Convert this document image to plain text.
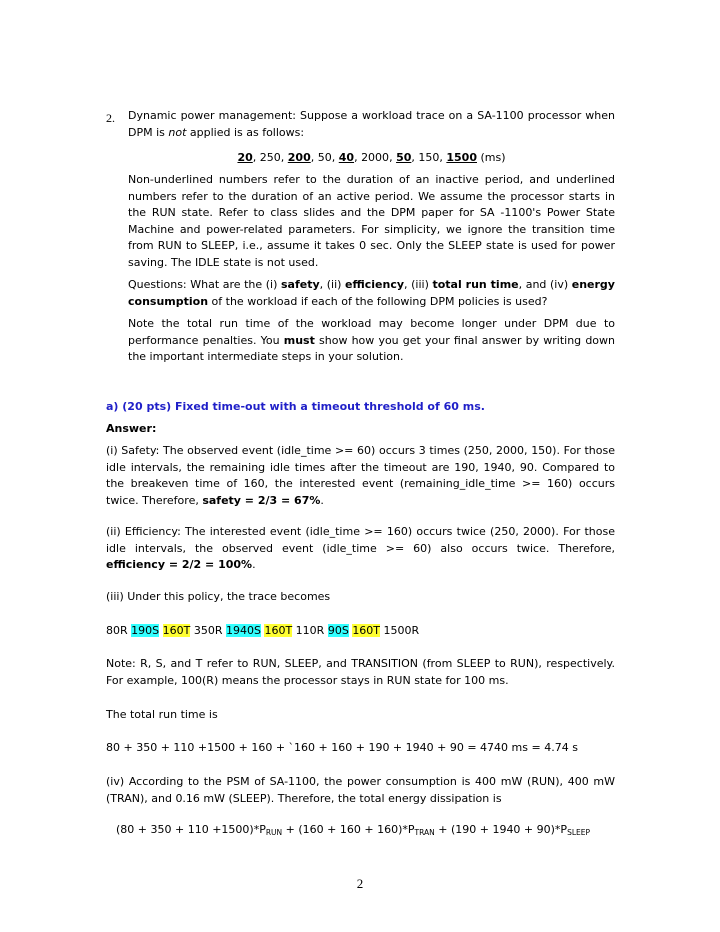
2. Dynamic power management: Suppose a workload trace on a SA-1100 processor when DPM is not applied is as follows:

20, 250, 200, 50, 40, 2000, 50, 150, 1500 (ms)

Non-underlined numbers refer to the duration of an inactive period, and underlined numbers refer to the duration of an active period. We assume the processor starts in the RUN state. Refer to class slides and the DPM paper for SA -1100's Power State Machine and power-related parameters. For simplicity, we ignore the transition time from RUN to SLEEP, i.e., assume it takes 0 sec. Only the SLEEP state is used for power saving. The IDLE state is not used.

Questions: What are the (i) safety, (ii) efficiency, (iii) total run time, and (iv) energy consumption of the workload if each of the following DPM policies is used?

Note the total run time of the workload may become longer under DPM due to performance penalties. You must show how you get your final answer by writing down the important intermediate steps in your solution.

a) (20 pts) Fixed time-out with a timeout threshold of 60 ms.
Answer:

(i) Safety: The observed event (idle_time >= 60) occurs 3 times (250, 2000, 150). For those idle intervals, the remaining idle times after the timeout are 190, 1940, 90. Compared to the breakeven time of 160, the interested event (remaining_idle_time >= 160) occurs twice. Therefore, safety = 2/3 = 67%.

(ii) Efficiency: The interested event (idle_time >= 160) occurs twice (250, 2000). For those idle intervals, the observed event (idle_time >= 60) also occurs twice. Therefore, efficiency = 2/2 = 100%.

(iii) Under this policy, the trace becomes
80R 190S 160T 350R 1940S 160T 110R 90S 160T 1500R

Note: R, S, and T refer to RUN, SLEEP, and TRANSITION (from SLEEP to RUN), respectively. For example, 100(R) means the processor stays in RUN state for 100 ms.

The total run time is
80 + 350 + 110 +1500 + 160 + `160 + 160 + 190 + 1940 + 90 = 4740 ms = 4.74 s

(iv) According to the PSM of SA-1100, the power consumption is 400 mW (RUN), 400 mW (TRAN), and 0.16 mW (SLEEP). Therefore, the total energy dissipation is

$(80 + 350 + 110 +1500)*P_{RUN} + (160 + 160 + 160)*P_{TRAN} + (190 + 1940 + 90)*P_{SLEEP}$
2
